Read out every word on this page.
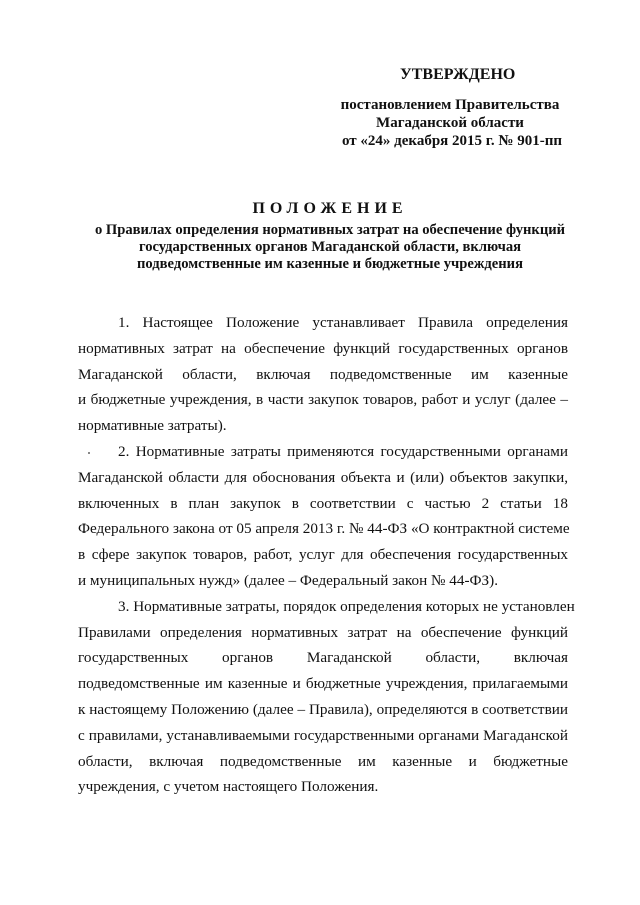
УТВЕРЖДЕНО
постановлением Правительства
Магаданской области
от «24» декабря 2015 г. № 901-пп
ПОЛОЖЕНИЕ
о Правилах определения нормативных затрат на обеспечение функций
государственных органов Магаданской области, включая
подведомственные им казенные и бюджетные учреждения
1. Настоящее Положение устанавливает Правила определения
нормативных затрат на обеспечение функций государственных органов
Магаданской области, включая подведомственные им казенные
и бюджетные учреждения, в части закупок товаров, работ и услуг (далее –
нормативные затраты).
2. Нормативные затраты применяются государственными органами
Магаданской области для обоснования объекта и (или) объектов закупки,
включенных в план закупок в соответствии с частью 2 статьи 18
Федерального закона от 05 апреля 2013 г. № 44-ФЗ «О контрактной системе
в сфере закупок товаров, работ, услуг для обеспечения государственных
и муниципальных нужд» (далее – Федеральный закон № 44-ФЗ).
3. Нормативные затраты, порядок определения которых не установлен
Правилами определения нормативных затрат на обеспечение функций
государственных органов Магаданской области, включая
подведомственные им казенные и бюджетные учреждения, прилагаемыми
к настоящему Положению (далее – Правила), определяются в соответствии
с правилами, устанавливаемыми государственными органами Магаданской
области, включая подведомственные им казенные и бюджетные
учреждения, с учетом настоящего Положения.
